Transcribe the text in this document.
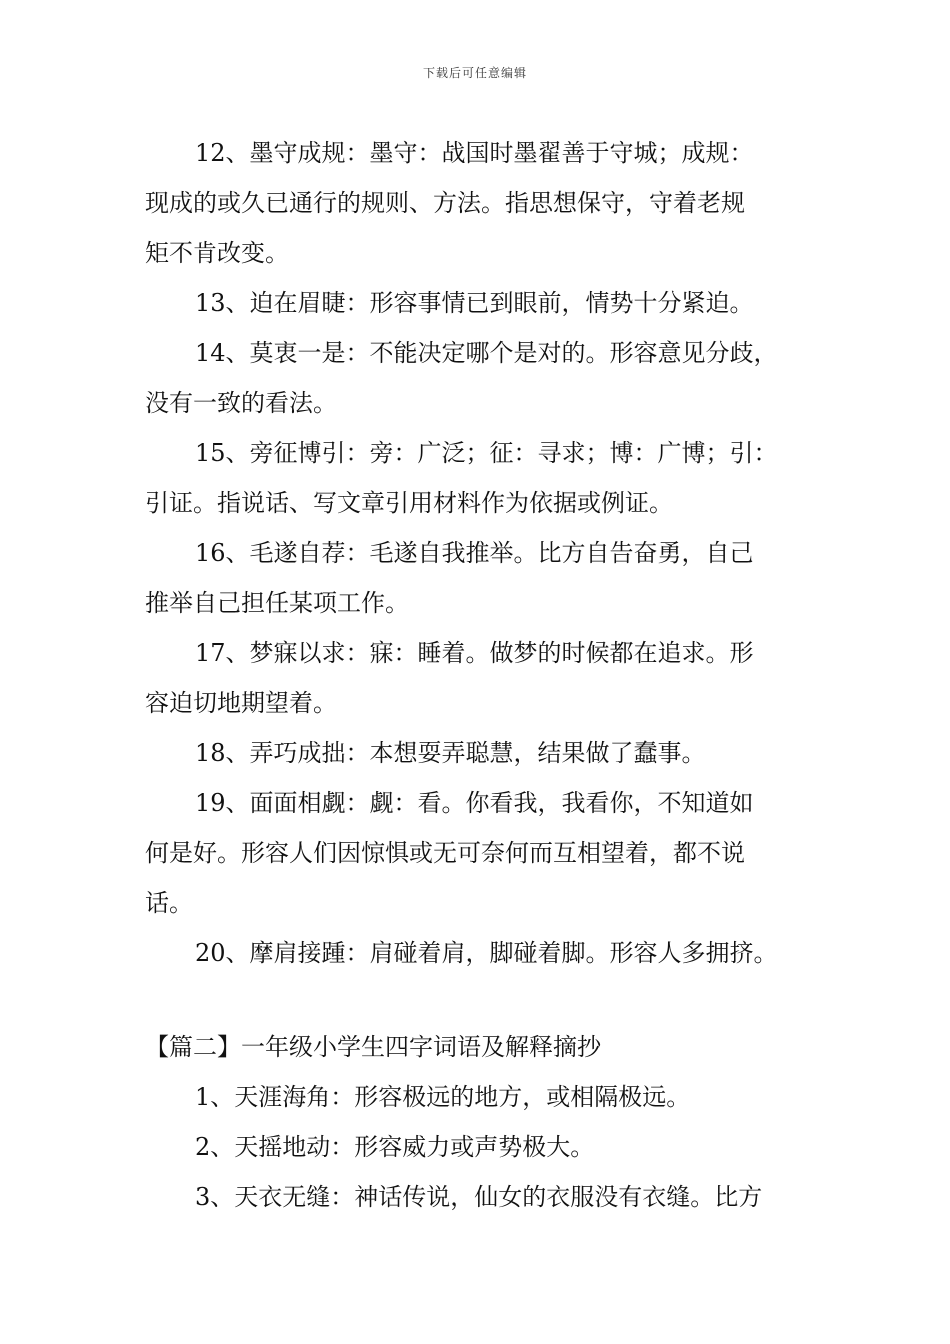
下载后可任意编辑
12、墨守成规：墨守：战国时墨翟善于守城；成规：
现成的或久已通行的规则、方法。指思想保守，守着老规
矩不肯改变。
13、迫在眉睫：形容事情已到眼前，情势十分紧迫。
14、莫衷一是：不能决定哪个是对的。形容意见分歧，
没有一致的看法。
15、旁征博引：旁：广泛；征：寻求；博：广博；引：
引证。指说话、写文章引用材料作为依据或例证。
16、毛遂自荐：毛遂自我推举。比方自告奋勇，自己
推举自己担任某项工作。
17、梦寐以求：寐：睡着。做梦的时候都在追求。形
容迫切地期望着。
18、弄巧成拙：本想耍弄聪慧，结果做了蠢事。
19、面面相觑：觑：看。你看我，我看你，不知道如
何是好。形容人们因惊惧或无可奈何而互相望着，都不说
话。
20、摩肩接踵：肩碰着肩，脚碰着脚。形容人多拥挤。
【篇二】一年级小学生四字词语及解释摘抄
1、天涯海角：形容极远的地方，或相隔极远。
2、天摇地动：形容威力或声势极大。
3、天衣无缝：神话传说，仙女的衣服没有衣缝。比方
